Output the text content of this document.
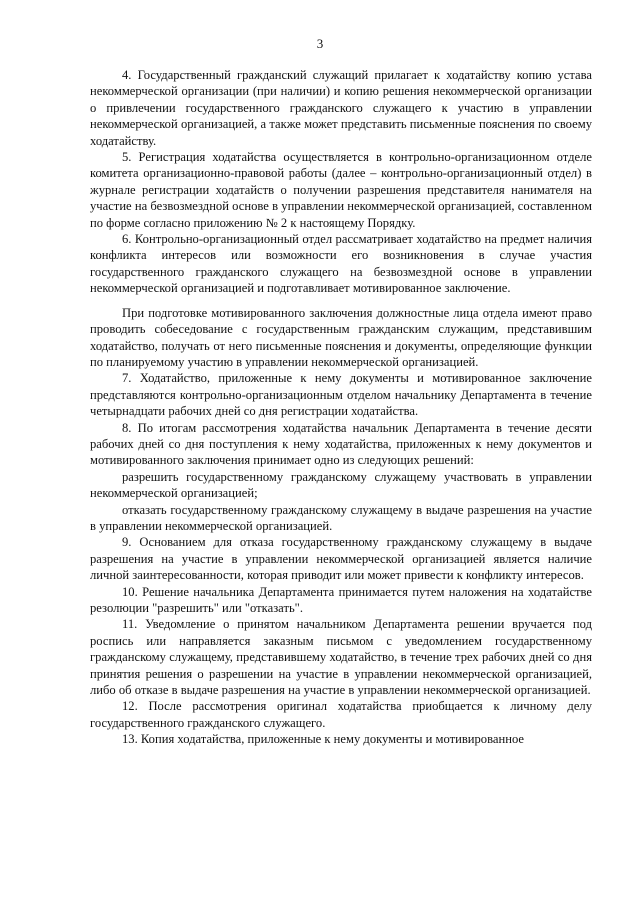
3

4. Государственный гражданский служащий прилагает к ходатайству копию устава некоммерческой организации (при наличии) и копию решения некоммерческой организации о привлечении государственного гражданского служащего к участию в управлении некоммерческой организацией, а также может представить письменные пояснения по своему ходатайству.

5. Регистрация ходатайства осуществляется в контрольно-организационном отделе комитета организационно-правовой работы (далее – контрольно-организационный отдел) в журнале регистрации ходатайств о получении разрешения представителя нанимателя на участие на безвозмездной основе в управлении некоммерческой организацией, составленном по форме согласно приложению № 2 к настоящему Порядку.

6. Контрольно-организационный отдел рассматривает ходатайство на предмет наличия конфликта интересов или возможности его возникновения в случае участия государственного гражданского служащего на безвозмездной основе в управлении некоммерческой организацией и подготавливает мотивированное заключение.

При подготовке мотивированного заключения должностные лица отдела имеют право проводить собеседование с государственным гражданским служащим, представившим ходатайство, получать от него письменные пояснения и документы, определяющие функции по планируемому участию в управлении некоммерческой организацией.

7. Ходатайство, приложенные к нему документы и мотивированное заключение представляются контрольно-организационным отделом начальнику Департамента в течение четырнадцати рабочих дней со дня регистрации ходатайства.

8. По итогам рассмотрения ходатайства начальник Департамента в течение десяти рабочих дней со дня поступления к нему ходатайства, приложенных к нему документов и мотивированного заключения принимает одно из следующих решений:

разрешить государственному гражданскому служащему участвовать в управлении некоммерческой организацией;

отказать государственному гражданскому служащему в выдаче разрешения на участие в управлении некоммерческой организацией.

9. Основанием для отказа государственному гражданскому служащему в выдаче разрешения на участие в управлении некоммерческой организацией является наличие личной заинтересованности, которая приводит или может привести к конфликту интересов.

10. Решение начальника Департамента принимается путем наложения на ходатайстве резолюции "разрешить" или "отказать".

11. Уведомление о принятом начальником Департамента решении вручается под роспись или направляется заказным письмом с уведомлением государственному гражданскому служащему, представившему ходатайство, в течение трех рабочих дней со дня принятия решения о разрешении на участие в управлении некоммерческой организацией, либо об отказе в выдаче разрешения на участие в управлении некоммерческой организацией.

12. После рассмотрения оригинал ходатайства приобщается к личному делу государственного гражданского служащего.

13. Копия ходатайства, приложенные к нему документы и мотивированное
